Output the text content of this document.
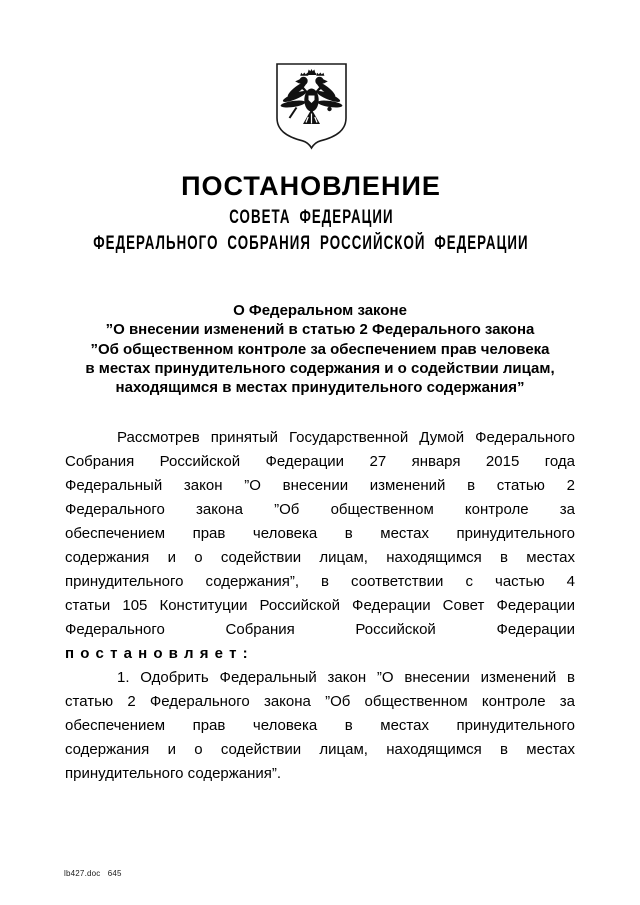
ПОСТАНОВЛЕНИЕ
СОВЕТА ФЕДЕРАЦИИ
ФЕДЕРАЛЬНОГО СОБРАНИЯ РОССИЙСКОЙ ФЕДЕРАЦИИ
О Федеральном законе
”О внесении изменений в статью 2 Федерального закона
”Об общественном контроле за обеспечением прав человека
в местах принудительного содержания и о содействии лицам,
находящимся в местах принудительного содержания”
Рассмотрев принятый Государственной Думой Федерального
Собрания Российской Федерации 27 января 2015 года
Федеральный закон ”О внесении изменений в статью 2
Федерального закона ”Об общественном контроле за
обеспечением прав человека в местах принудительного
содержания и о содействии лицам, находящимся в местах
принудительного содержания”, в соответствии с частью 4
статьи 105 Конституции Российской Федерации Совет Федерации
Федерального Собрания Российской Федерации
п о с т а н о в л я е т :
1. Одобрить Федеральный закон ”О внесении изменений в
статью 2 Федерального закона ”Об общественном контроле за
обеспечением прав человека в местах принудительного
содержания и о содействии лицам, находящимся в местах
принудительного содержания”.
lb427.doc   645
